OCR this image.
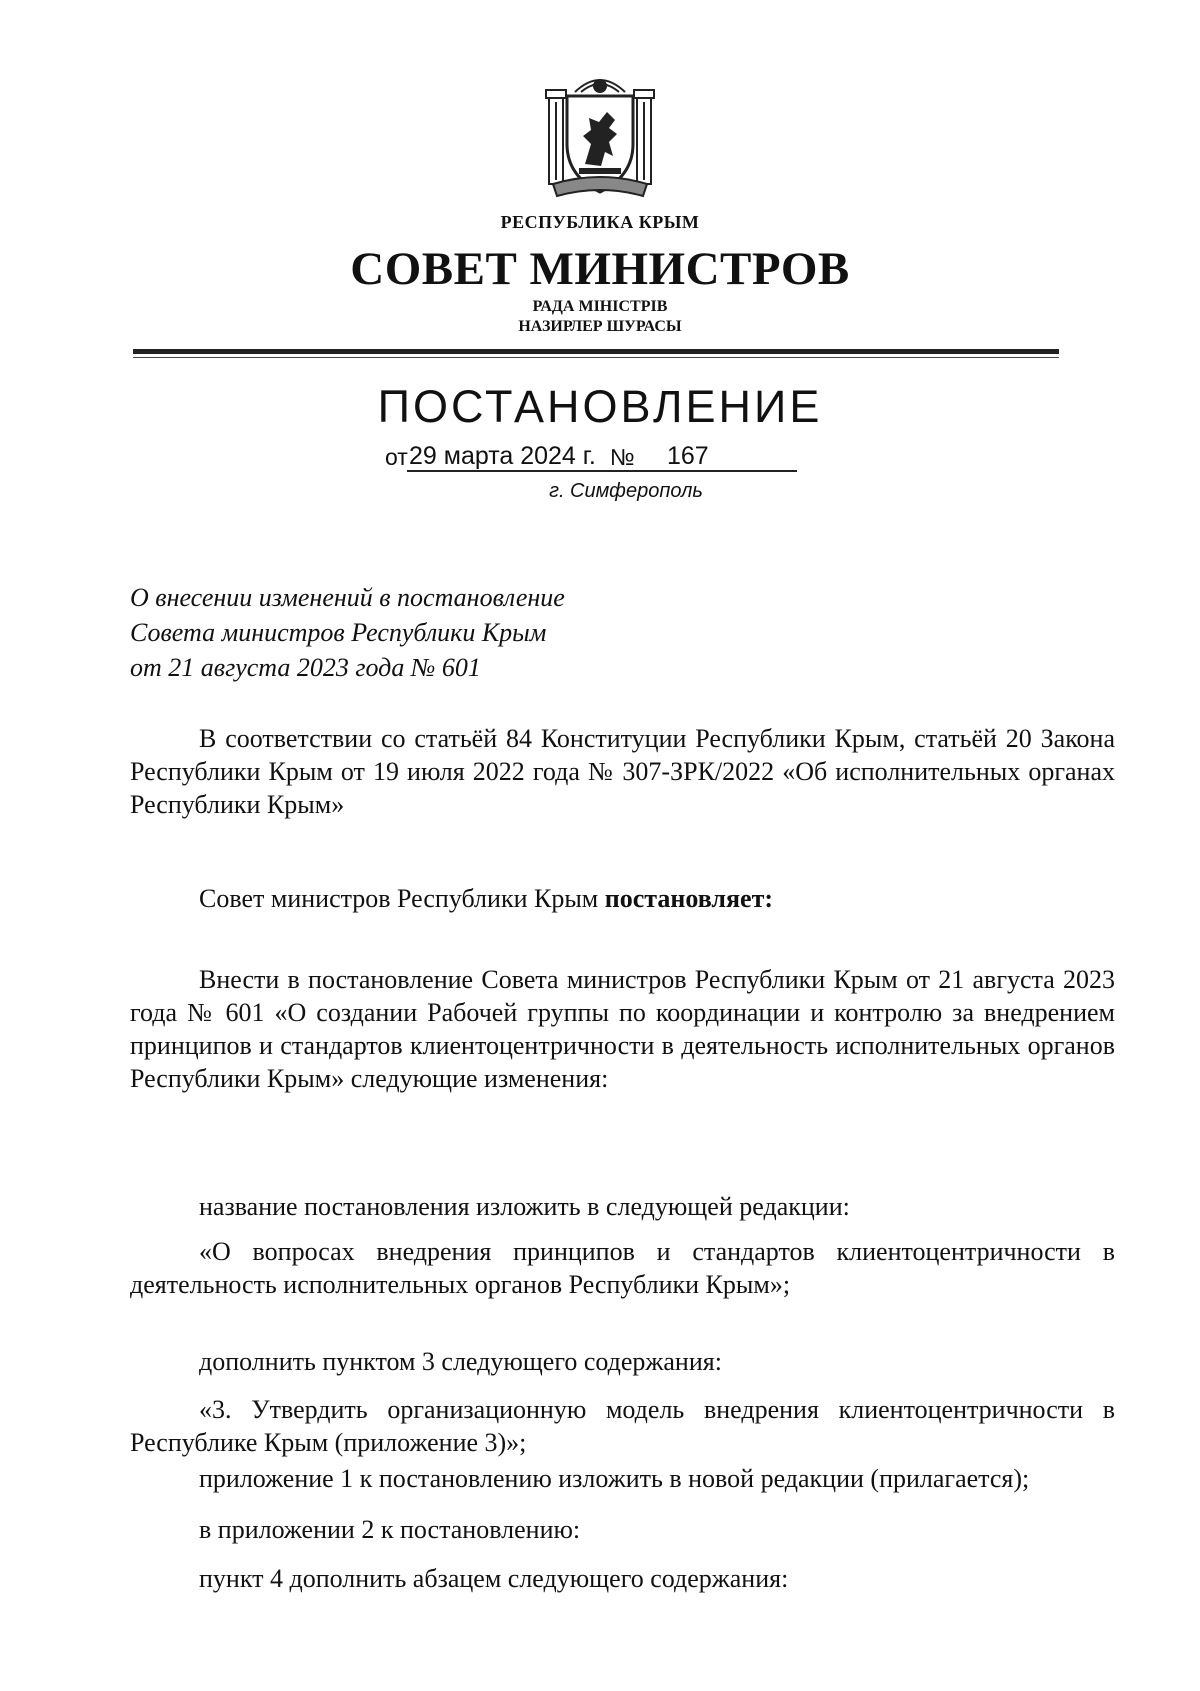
РЕСПУБЛИКА КРЫМ
СОВЕТ МИНИСТРОВ
РАДА МІНІСТРІВ
НАЗИРЛЕР ШУРАСЫ
ПОСТАНОВЛЕНИЕ
от 29 марта 2024 г. № 167
г. Симферополь
О внесении изменений в постановление
Совета министров Республики Крым
от 21 августа 2023 года № 601
В соответствии со статьёй 84 Конституции Республики Крым, статьёй 20 Закона Республики Крым от 19 июля 2022 года № 307-ЗРК/2022 «Об исполнительных органах Республики Крым»
Совет министров Республики Крым постановляет:
Внести в постановление Совета министров Республики Крым от 21 августа 2023 года № 601 «О создании Рабочей группы по координации и контролю за внедрением принципов и стандартов клиентоцентричности в деятельность исполнительных органов Республики Крым» следующие изменения:
название постановления изложить в следующей редакции:
«О вопросах внедрения принципов и стандартов клиентоцентричности в деятельность исполнительных органов Республики Крым»;
дополнить пунктом 3 следующего содержания:
«3. Утвердить организационную модель внедрения клиентоцентричности в Республике Крым (приложение 3)»;
приложение 1 к постановлению изложить в новой редакции (прилагается);
в приложении 2 к постановлению:
пункт 4 дополнить абзацем следующего содержания:
